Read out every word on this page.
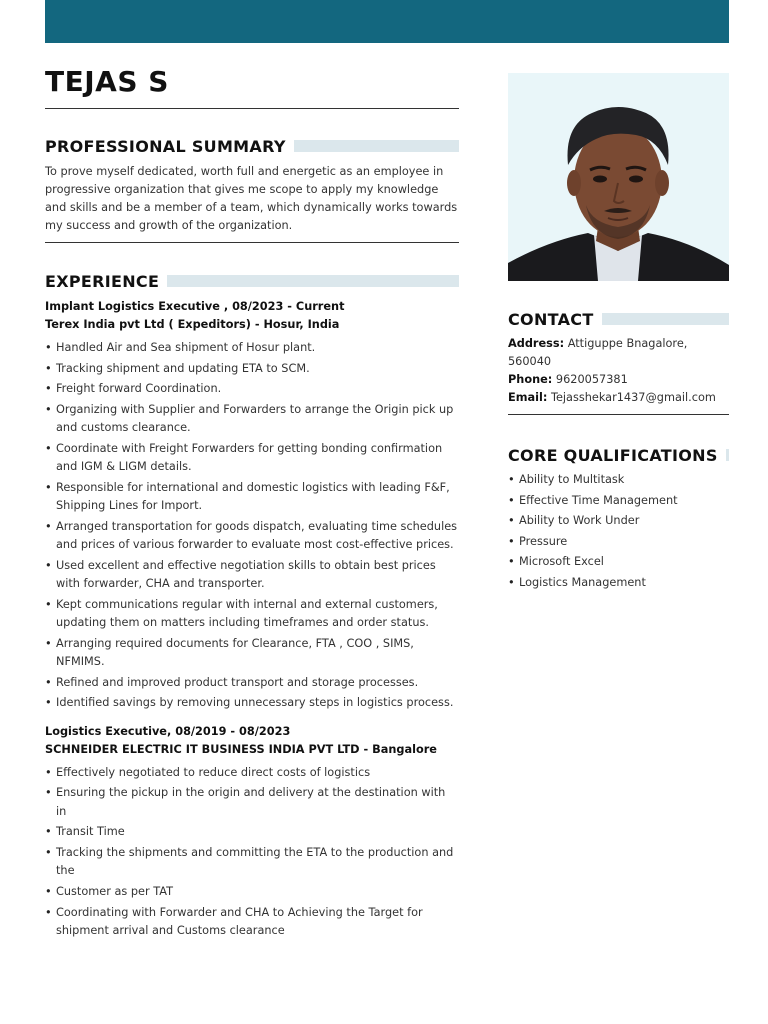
TEJAS S
PROFESSIONAL SUMMARY

To prove myself dedicated, worth full and energetic as an employee in progressive organization that gives me scope to apply my knowledge and skills and be a member of a team, which dynamically works towards my success and growth of the organization.

EXPERIENCE
Implant Logistics Executive , 08/2023 - Current
Terex India pvt Ltd ( Expeditors) - Hosur, India
• Handled Air and Sea shipment of Hosur plant.
• Tracking shipment and updating ETA to SCM.
• Freight forward Coordination.
• Organizing with Supplier and Forwarders to arrange the Origin pick up and customs clearance.
• Coordinate with Freight Forwarders for getting bonding confirmation and IGM & LIGM details.
• Responsible for international and domestic logistics with leading F&F, Shipping Lines for Import.
• Arranged transportation for goods dispatch, evaluating time schedules and prices of various forwarder to evaluate most cost-effective prices.
• Used excellent and effective negotiation skills to obtain best prices with forwarder, CHA and transporter.
• Kept communications regular with internal and external customers, updating them on matters including timeframes and order status.
• Arranging required documents for Clearance, FTA , COO , SIMS, NFMIMS.
• Refined and improved product transport and storage processes.
• Identified savings by removing unnecessary steps in logistics process.
Logistics Executive, 08/2019 - 08/2023
SCHNEIDER ELECTRIC IT BUSINESS INDIA PVT LTD - Bangalore
• Effectively negotiated to reduce direct costs of logistics
• Ensuring the pickup in the origin and delivery at the destination with in
• Transit Time
• Tracking the shipments and committing the ETA to the production and the
• Customer as per TAT
• Coordinating with Forwarder and CHA to Achieving the Target for shipment arrival and Customs clearance
CONTACT
Address: Attiguppe Bnagalore, 560040
Phone: 9620057381
Email: Tejasshekar1437@gmail.com
CORE QUALIFICATIONS
• Ability to Multitask
• Effective Time Management
• Ability to Work Under
• Pressure
• Microsoft Excel
• Logistics Management
